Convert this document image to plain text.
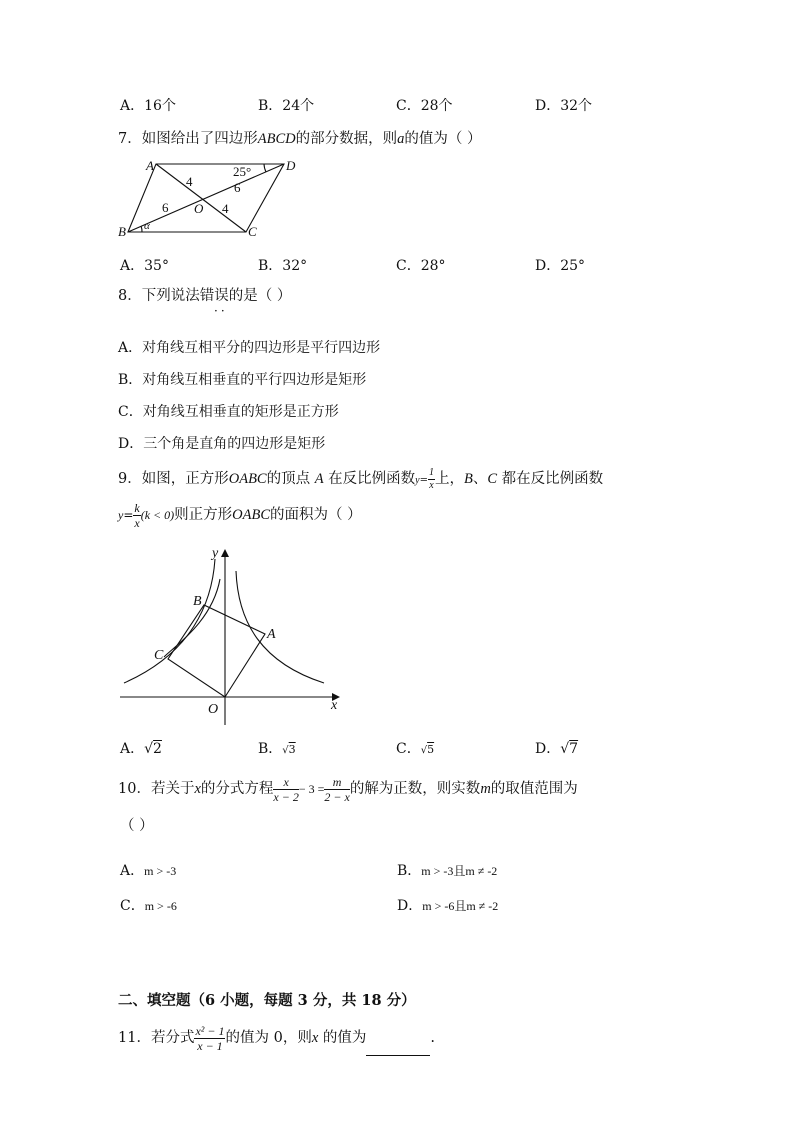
A．16个	B．24个	C．28个	D．32个
7．如图给出了四边形ABCD的部分数据，则a的值为（ ）
A	D
B	C
O
4
4
6
6
25°
α
A．35°	B．32°	C．28°	D．25°
8．下列说法错误的是（ ）
··
A．对角线互相平分的四边形是平行四边形
B．对角线互相垂直的平行四边形是矩形
C．对角线互相垂直的矩形是正方形
D．三个角是直角的四边形是矩形
9．如图，正方形OABC的顶点 A 在反比例函数$y= \frac{1}{x}$ 上，B、C 都在反比例函数
$y= \frac{k}{x} (k < 0)$则正方形OABC的面积为（ ）
y
x
O
A
B
C
A．√2	B．√3	C．√5	D．√7
10．若关于x的分式方程 $\frac{x}{x - 2} - 3 = \frac{m}{2 - x}$ 的解为正数，则实数m的取值范围为
（ ）
A．m > -3	B．m > -3且m ≠ -2
C．m > -6	D．m > -6且m ≠ -2
二、填空题（6 小题，每题 3 分，共 18 分）
11．若分式 $\frac{\text{x² − 1}}{x - 1}$ 的值为 0，则x 的值为	.
